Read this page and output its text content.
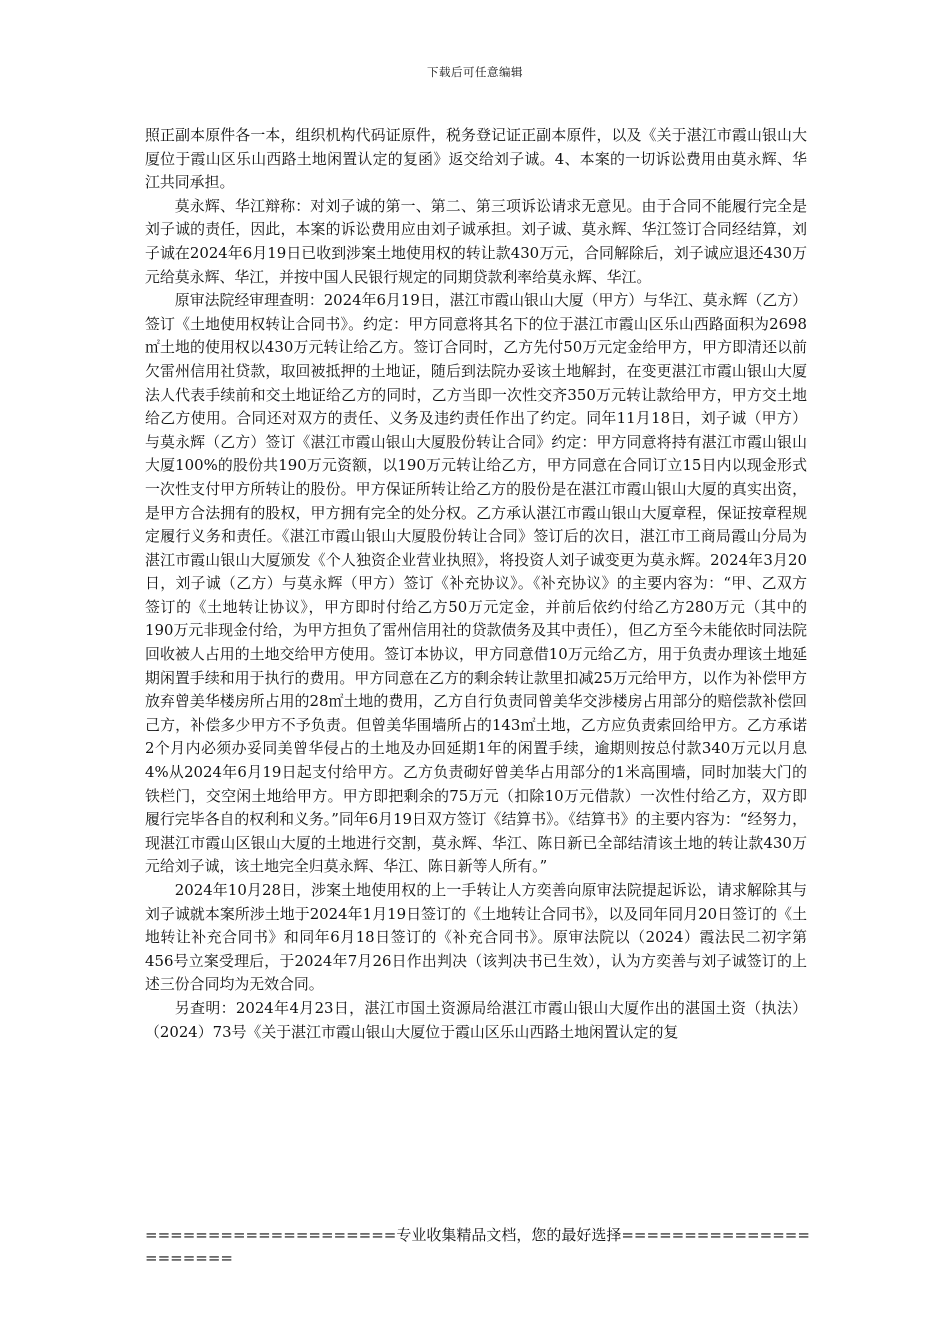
下载后可任意编辑

照正副本原件各一本，组织机构代码证原件，税务登记证正副本原件，以及《关于湛江市霞山银山大厦位于霞山区乐山西路土地闲置认定的复函》返交给刘子诚。4、本案的一切诉讼费用由莫永辉、华江共同承担。

莫永辉、华江辩称：对刘子诚的第一、第二、第三项诉讼请求无意见。由于合同不能履行完全是刘子诚的责任，因此，本案的诉讼费用应由刘子诚承担。刘子诚、莫永辉、华江签订合同经结算，刘子诚在2024年6月19日已收到涉案土地使用权的转让款430万元，合同解除后，刘子诚应退还430万元给莫永辉、华江，并按中国人民银行规定的同期贷款利率给莫永辉、华江。

原审法院经审理查明：2024年6月19日，湛江市霞山银山大厦（甲方）与华江、莫永辉（乙方）签订《土地使用权转让合同书》。约定：甲方同意将其名下的位于湛江市霞山区乐山西路面积为2698㎡土地的使用权以430万元转让给乙方。签订合同时，乙方先付50万元定金给甲方，甲方即清还以前欠雷州信用社贷款，取回被抵押的土地证，随后到法院办妥该土地解封，在变更湛江市霞山银山大厦法人代表手续前和交土地证给乙方的同时，乙方当即一次性交齐350万元转让款给甲方，甲方交土地给乙方使用。合同还对双方的责任、义务及违约责任作出了约定。同年11月18日，刘子诚（甲方）与莫永辉（乙方）签订《湛江市霞山银山大厦股份转让合同》约定：甲方同意将持有湛江市霞山银山大厦100%的股份共190万元资额，以190万元转让给乙方，甲方同意在合同订立15日内以现金形式一次性支付甲方所转让的股份。甲方保证所转让给乙方的股份是在湛江市霞山银山大厦的真实出资，是甲方合法拥有的股权，甲方拥有完全的处分权。乙方承认湛江市霞山银山大厦章程，保证按章程规定履行义务和责任。《湛江市霞山银山大厦股份转让合同》签订后的次日，湛江市工商局霞山分局为湛江市霞山银山大厦颁发《个人独资企业营业执照》，将投资人刘子诚变更为莫永辉。2024年3月20日，刘子诚（乙方）与莫永辉（甲方）签订《补充协议》。《补充协议》的主要内容为：“甲、乙双方签订的《土地转让协议》，甲方即时付给乙方50万元定金，并前后依约付给乙方280万元（其中的190万元非现金付给，为甲方担负了雷州信用社的贷款债务及其中责任），但乙方至今未能依时同法院回收被人占用的土地交给甲方使用。签订本协议，甲方同意借10万元给乙方，用于负责办理该土地延期闲置手续和用于执行的费用。甲方同意在乙方的剩余转让款里扣减25万元给甲方，以作为补偿甲方放弃曾美华楼房所占用的28㎡土地的费用，乙方自行负责同曾美华交涉楼房占用部分的赔偿款补偿回己方，补偿多少甲方不予负责。但曾美华围墙所占的143㎡土地，乙方应负责索回给甲方。乙方承诺2个月内必须办妥同美曾华侵占的土地及办回延期1年的闲置手续，逾期则按总付款340万元以月息4%从2024年6月19日起支付给甲方。乙方负责砌好曾美华占用部分的1米高围墙，同时加装大门的铁栏门，交空闲土地给甲方。甲方即把剩余的75万元（扣除10万元借款）一次性付给乙方，双方即履行完毕各自的权利和义务。”同年6月19日双方签订《结算书》。《结算书》的主要内容为：“经努力，现湛江市霞山区银山大厦的土地进行交割，莫永辉、华江、陈日新已全部结清该土地的转让款430万元给刘子诚，该土地完全归莫永辉、华江、陈日新等人所有。”

2024年10月28日，涉案土地使用权的上一手转让人方奕善向原审法院提起诉讼，请求解除其与刘子诚就本案所涉土地于2024年1月19日签订的《土地转让合同书》，以及同年同月20日签订的《土地转让补充合同书》和同年6月18日签订的《补充合同书》。原审法院以（2024）霞法民二初字第456号立案受理后，于2024年7月26日作出判决（该判决书已生效），认为方奕善与刘子诚签订的上述三份合同均为无效合同。

另查明：2024年4月23日，湛江市国土资源局给湛江市霞山银山大厦作出的湛国土资（执法）（2024）73号《关于湛江市霞山银山大厦位于霞山区乐山西路土地闲置认定的复

====================专业收集精品文档，您的最好选择======================
